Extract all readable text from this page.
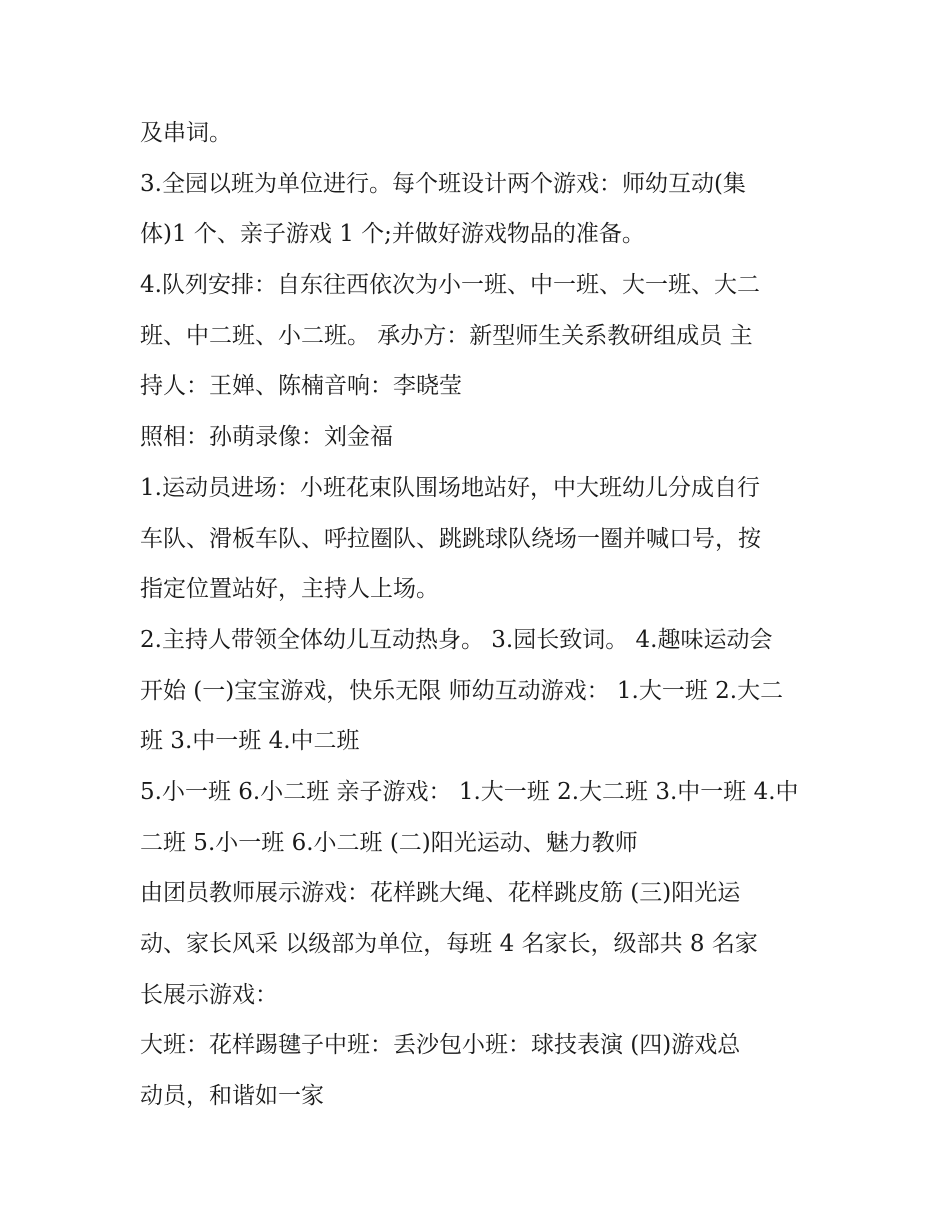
及串词。
3.全园以班为单位进行。每个班设计两个游戏：师幼互动(集
体)1 个、亲子游戏 1 个;并做好游戏物品的准备。
4.队列安排：自东往西依次为小一班、中一班、大一班、大二
班、中二班、小二班。 承办方：新型师生关系教研组成员 主
持人：王婵、陈楠音响：李晓莹
照相：孙萌录像：刘金福
1.运动员进场：小班花束队围场地站好，中大班幼儿分成自行
车队、滑板车队、呼拉圈队、跳跳球队绕场一圈并喊口号，按
指定位置站好，主持人上场。
2.主持人带领全体幼儿互动热身。 3.园长致词。 4.趣味运动会
开始 (一)宝宝游戏，快乐无限 师幼互动游戏： 1.大一班 2.大二
班 3.中一班 4.中二班
5.小一班 6.小二班 亲子游戏： 1.大一班 2.大二班 3.中一班 4.中
二班 5.小一班 6.小二班 (二)阳光运动、魅力教师
由团员教师展示游戏：花样跳大绳、花样跳皮筋 (三)阳光运
动、家长风采 以级部为单位，每班 4 名家长，级部共 8 名家
长展示游戏：
大班：花样踢毽子中班：丢沙包小班：球技表演 (四)游戏总
动员，和谐如一家
